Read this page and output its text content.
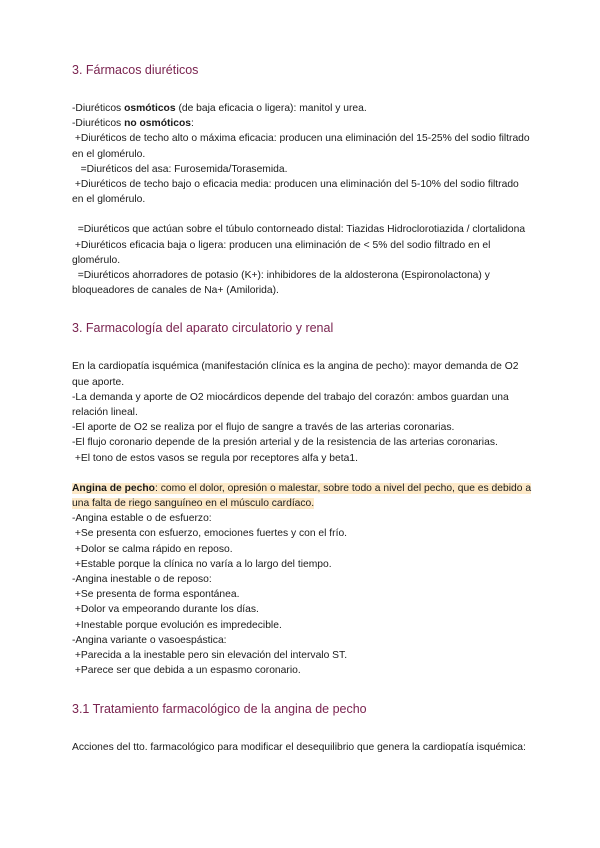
3. Fármacos diuréticos

-Diuréticos osmóticos (de baja eficacia o ligera): manitol y urea.

-Diuréticos no osmóticos:

+Diuréticos de techo alto o máxima eficacia: producen una eliminación del 15-25% del sodio filtrado en el glomérulo.

=Diuréticos del asa: Furosemida/Torasemida.

+Diuréticos de techo bajo o eficacia media: producen una eliminación del 5-10% del sodio filtrado en el glomérulo.

=Diuréticos que actúan sobre el túbulo contorneado distal: Tiazidas Hidroclorotiazida / clortalidona

+Diuréticos eficacia baja o ligera: producen una eliminación de < 5% del sodio filtrado en el glomérulo.

=Diuréticos ahorradores de potasio (K+): inhibidores de la aldosterona (Espironolactona) y bloqueadores de canales de Na+ (Amilorida).

3. Farmacología del aparato circulatorio y renal

En la cardiopatía isquémica (manifestación clínica es la angina de pecho): mayor demanda de O2 que aporte.

-La demanda y aporte de O2 miocárdicos depende del trabajo del corazón: ambos guardan una relación lineal.

-El aporte de O2 se realiza por el flujo de sangre a través de las arterias coronarias.

-El flujo coronario depende de la presión arterial y de la resistencia de las arterias coronarias.

+El tono de estos vasos se regula por receptores alfa y beta1.

Angina de pecho: como el dolor, opresión o malestar, sobre todo a nivel del pecho, que es debido a una falta de riego sanguíneo en el músculo cardíaco.

-Angina estable o de esfuerzo:

+Se presenta con esfuerzo, emociones fuertes y con el frío.

+Dolor se calma rápido en reposo.

+Estable porque la clínica no varía a lo largo del tiempo.

-Angina inestable o de reposo:

+Se presenta de forma espontánea.

+Dolor va empeorando durante los días.

+Inestable porque evolución es impredecible.

-Angina variante o vasoespástica:

+Parecida a la inestable pero sin elevación del intervalo ST.

+Parece ser que debida a un espasmo coronario.

3.1 Tratamiento farmacológico de la angina de pecho

Acciones del tto. farmacológico para modificar el desequilibrio que genera la cardiopatía isquémica:
